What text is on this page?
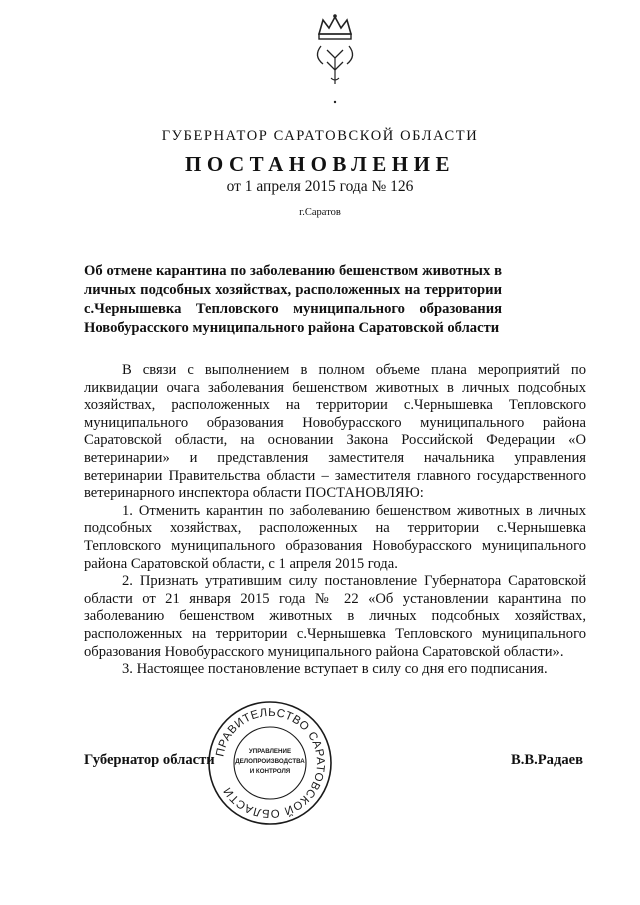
ГУБЕРНАТОР САРАТОВСКОЙ ОБЛАСТИ
ПОСТАНОВЛЕНИЕ
от 1 апреля 2015 года № 126
г.Саратов
Об отмене карантина по заболеванию бешенством животных в личных подсобных хозяйствах, расположенных на территории с.Чернышевка Тепловского муниципального образования Новобурасского муниципального района Саратовской области

В связи с выполнением в полном объеме плана мероприятий по ликвидации очага заболевания бешенством животных в личных подсобных хозяйствах, расположенных на территории с.Чернышевка Тепловского муниципального образования Новобурасского муниципального района Саратовской области, на основании Закона Российской Федерации «О ветеринарии» и представления заместителя начальника управления ветеринарии Правительства области – заместителя главного государственного ветеринарного инспектора области ПОСТАНОВЛЯЮ:

1. Отменить карантин по заболеванию бешенством животных в личных подсобных хозяйствах, расположенных на территории с.Чернышевка Тепловского муниципального образования Новобурасского муниципального района Саратовской области, с 1 апреля 2015 года.

2. Признать утратившим силу постановление Губернатора Саратовской области от 21 января 2015 года № 22 «Об установлении карантина по заболеванию бешенством животных в личных подсобных хозяйствах, расположенных на территории с.Чернышевка Тепловского муниципального образования Новобурасского муниципального района Саратовской области».

3. Настоящее постановление вступает в силу со дня его подписания.

ПРАВИТЕЛЬСТВО САРАТОВСКОЙ ОБЛАСТИ
УПРАВЛЕНИЕ
ДЕЛОПРОИЗВОДСТВА
И КОНТРОЛЯ
Губернатор области	В.В.Радаев
